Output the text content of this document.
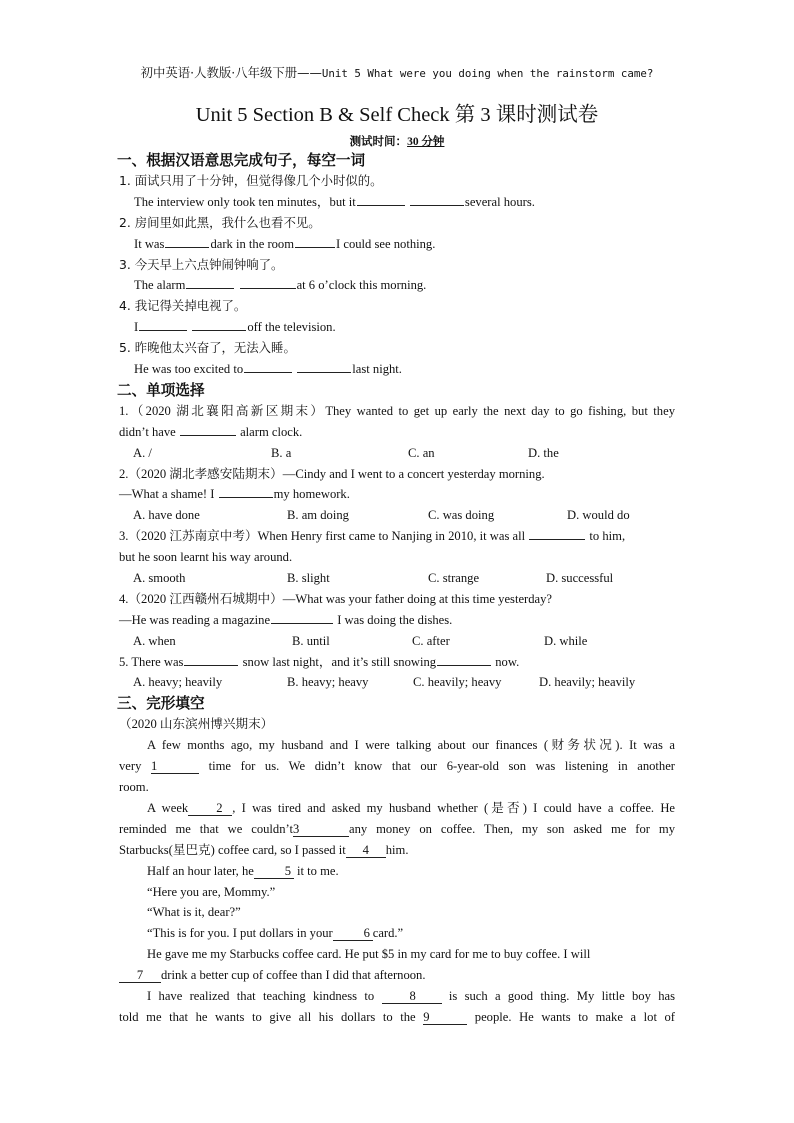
初中英语·人教版·八年级下册——Unit 5 What were you doing when the rainstorm came?
Unit 5 Section B & Self Check 第 3 课时测试卷
测试时间：30 分钟
一、根据汉语意思完成句子，每空一词
1. 面试只用了十分钟，但觉得像几个小时似的。
The interview only took ten minutes，but it	several hours.
2. 房间里如此黑，我什么也看不见。
It was	dark in the room	I could see nothing.
3. 今天早上六点钟闹钟响了。
The alarm	at 6 o’clock this morning.
4. 我记得关掉电视了。
I	off the television.
5. 昨晚他太兴奋了，无法入睡。
He was too excited to	last night.
二、单项选择
1.（2020 湖北襄阳高新区期末）They wanted to get up early the next day to go fishing, but they
didn’t have	alarm clock.
A. /	B. a	C. an	D. the
2.（2020 湖北孝感安陆期末）—Cindy and I went to a concert yesterday morning.
—What a shame! I	my homework.
A. have done	B. am doing	C. was doing	D. would do
3.（2020 江苏南京中考）When Henry first came to Nanjing in 2010, it was all	to him,
but he soon learnt his way around.
A. smooth	B. slight	C. strange	D. successful
4.（2020 江西赣州石城期中）—What was your father doing at this time yesterday?
—He was reading a magazine	I was doing the dishes.
A. when	B. until	C. after	D. while
5. There was	snow last night，and it’s still snowing	now.
A. heavy; heavily	B. heavy; heavy	C. heavily; heavy	D. heavily; heavily
三、完形填空
（2020 山东滨州博兴期末）
A few months ago, my husband and I were talking about our finances (财务状况). It was a
very 1	time for us. We didn’t know that our 6-year-old son was listening in another
room.
A week 2 , I was tired and asked my husband whether (是否) I could have a coffee. He
reminded me that we couldn’t3	any money on coffee. Then, my son asked me for my
Starbucks(星巴克) coffee card, so I passed it 4 him.
Half an hour later, he 5 it to me.
“Here you are, Mommy.”
“What is it, dear?”
“This is for you. I put dollars in your 6 card.”
He gave me my Starbucks coffee card. He put $5 in my card for me to buy coffee. I will
7 drink a better cup of coffee than I did that afternoon.
I have realized that teaching kindness to	8	is such a good thing. My little boy has
told me that he wants to give all his dollars to the 9	people. He wants to make a lot of
